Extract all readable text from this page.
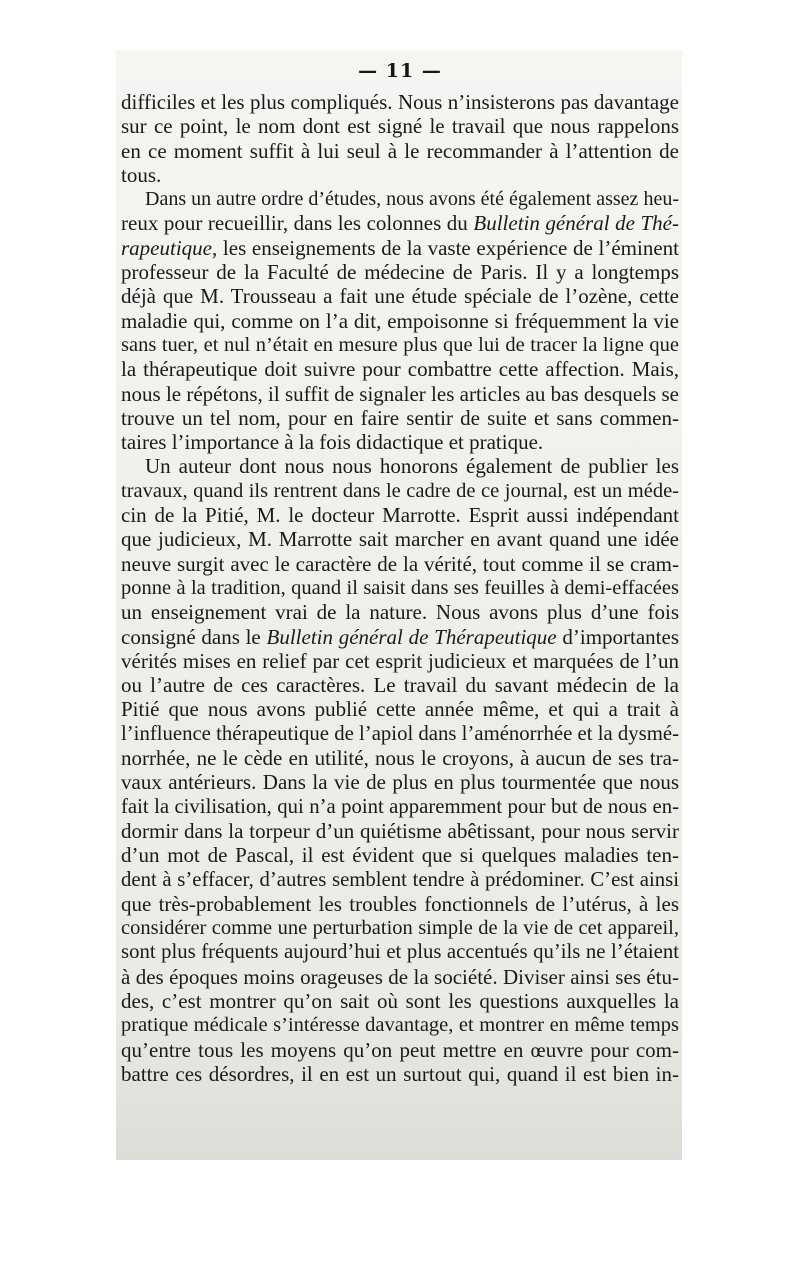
— 11 —

difficiles et les plus compliqués. Nous n’insisterons pas davantage

sur ce point, le nom dont est signé le travail que nous rappelons

en ce moment suffit à lui seul à le recommander à l’attention de

tous.

Dans un autre ordre d’études, nous avons été également assez heu-

reux pour recueillir, dans les colonnes du Bulletin général de Thé-

rapeutique, les enseignements de la vaste expérience de l’éminent

professeur de la Faculté de médecine de Paris. Il y a longtemps

déjà que M. Trousseau a fait une étude spéciale de l’ozène, cette

maladie qui, comme on l’a dit, empoisonne si fréquemment la vie

sans tuer, et nul n’était en mesure plus que lui de tracer la ligne que

la thérapeutique doit suivre pour combattre cette affection. Mais,

nous le répétons, il suffit de signaler les articles au bas desquels se

trouve un tel nom, pour en faire sentir de suite et sans commen-

taires l’importance à la fois didactique et pratique.

Un auteur dont nous nous honorons également de publier les

travaux, quand ils rentrent dans le cadre de ce journal, est un méde-

cin de la Pitié, M. le docteur Marrotte. Esprit aussi indépendant

que judicieux, M. Marrotte sait marcher en avant quand une idée

neuve surgit avec le caractère de la vérité, tout comme il se cram-

ponne à la tradition, quand il saisit dans ses feuilles à demi-effacées

un enseignement vrai de la nature. Nous avons plus d’une fois

consigné dans le Bulletin général de Thérapeutique d’importantes

vérités mises en relief par cet esprit judicieux et marquées de l’un

ou l’autre de ces caractères. Le travail du savant médecin de la

Pitié que nous avons publié cette année même, et qui a trait à

l’influence thérapeutique de l’apiol dans l’aménorrhée et la dysmé-

norrhée, ne le cède en utilité, nous le croyons, à aucun de ses tra-

vaux antérieurs. Dans la vie de plus en plus tourmentée que nous

fait la civilisation, qui n’a point apparemment pour but de nous en-

dormir dans la torpeur d’un quiétisme abêtissant, pour nous servir

d’un mot de Pascal, il est évident que si quelques maladies ten-

dent à s’effacer, d’autres semblent tendre à prédominer. C’est ainsi

que très-probablement les troubles fonctionnels de l’utérus, à les

considérer comme une perturbation simple de la vie de cet appareil,

sont plus fréquents aujourd’hui et plus accentués qu’ils ne l’étaient

à des époques moins orageuses de la société. Diviser ainsi ses étu-

des, c’est montrer qu’on sait où sont les questions auxquelles la

pratique médicale s’intéresse davantage, et montrer en même temps

qu’entre tous les moyens qu’on peut mettre en œuvre pour com-

battre ces désordres, il en est un surtout qui, quand il est bien in-
